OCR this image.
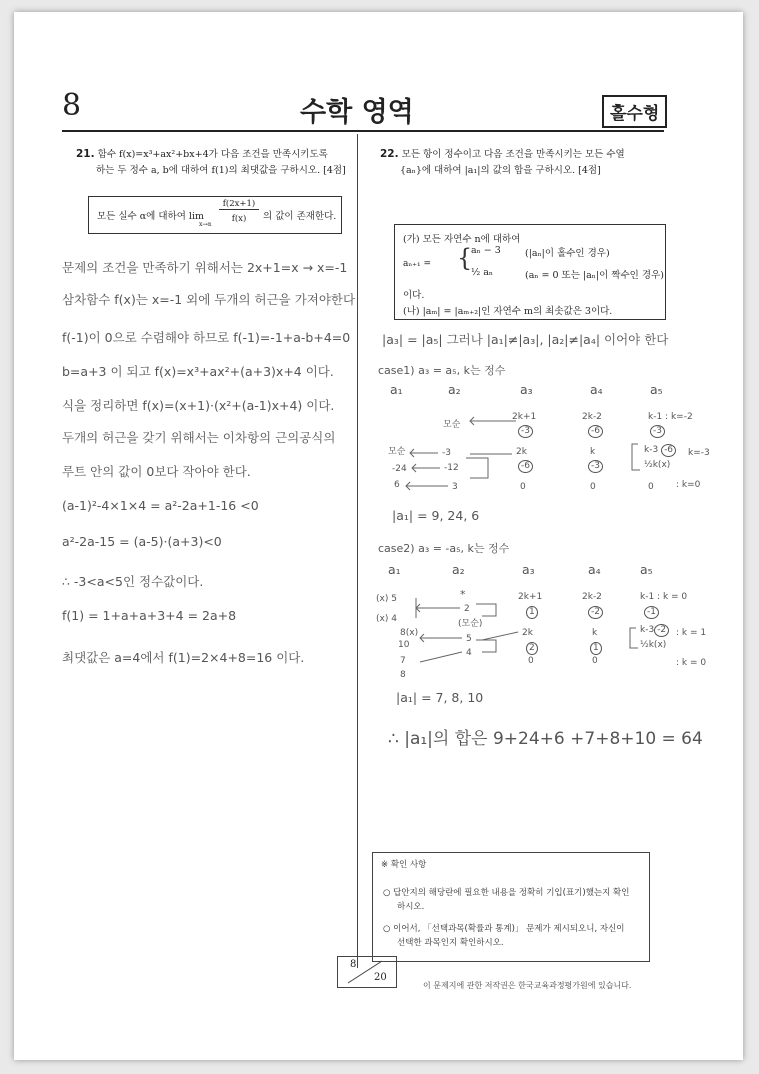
8	수학 영역	홀수형
21. 함수 f(x)=x³+ax²+bx+4가 다음 조건을 만족시키도록
하는 두 정수 a, b에 대하여 f(1)의 최댓값을 구하시오. [4점]
모든 실수 α에 대하여 lim
x→α
f(2x+1)
f(x)	의 값이 존재한다.
문제의 조건을 만족하기 위해서는 2x+1=x → x=-1
삼차함수 f(x)는 x=-1 외에 두개의 허근을 가져야한다
f(-1)이 0으로 수렴해야 하므로 f(-1)=-1+a-b+4=0
b=a+3 이 되고 f(x)=x³+ax²+(a+3)x+4 이다.
식을 정리하면 f(x)=(x+1)·(x²+(a-1)x+4) 이다.
두개의 허근을 갖기 위해서는 이차항의 근의공식의
루트 안의 값이 0보다 작아야 한다.
(a-1)²-4×1×4 = a²-2a+1-16 <0
a²-2a-15 = (a-5)·(a+3)<0
∴ -3<a<5인 정수값이다.
f(1) = 1+a+a+3+4 = 2a+8
최댓값은 a=4에서 f(1)=2×4+8=16 이다.
22. 모든 항이 정수이고 다음 조건을 만족시키는 모든 수열
{aₙ}에 대하여 |a₁|의 값의 합을 구하시오. [4점]
(가) 모든 자연수 n에 대하여
aₙ₊₁ = {
aₙ − 3	(|aₙ|이 홀수인 경우)
½ aₙ	(aₙ = 0 또는 |aₙ|이 짝수인 경우)
이다.
(나) |aₘ| = |aₘ₊₂|인 자연수 m의 최솟값은 3이다.
|a₃| = |a₅| 그러나 |a₁|≠|a₃|, |a₂|≠|a₄| 이어야 한다
case1) a₃ = a₅, k는 정수
a₁	a₂	a₃	a₄	a₅
모순
2k+1
-3
2k-2
-6
k-1 : k=-2
-3
모순	-3
-24	-12
6	3
2k
-6
k
-3
k-3 -6
½k(x)
k=-3
0	0	0 : k=0
|a₁| = 9, 24, 6
case2) a₃ = -a₅, k는 정수
a₁	a₂	a₃	a₄	a₅
(x) 5
(x) 4
8(x)
10
7
8
*
2
(모순)
5
4
2k+1
1
2k-2
-2
k-1 : k = 0
-1
2k
2
k
1
k-3 -2
½k(x)
: k = 1
0	0	: k = 0
|a₁| = 7, 8, 10
∴ |a₁|의 합은 9+24+6 +7+8+10 = 64
※ 확인 사항
○ 답안지의 해당란에 필요한 내용을 정확히 기입(표기)했는지 확인
하시오.
○ 이어서, 「선택과목(확률과 통계)」 문제가 제시되오니, 자신이
선택한 과목인지 확인하시오.
8
20
이 문제지에 관한 저작권은 한국교육과정평가원에 있습니다.
